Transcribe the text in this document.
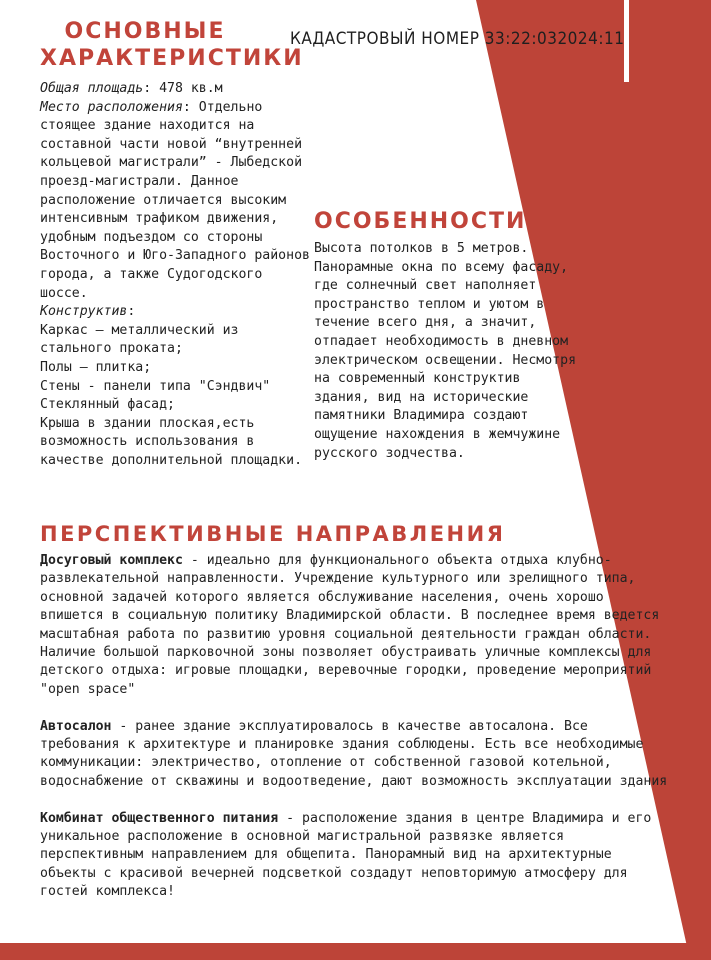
ОСНОВНЫЕ
ХАРАКТЕРИСТИКИ
КАДАСТРОВЫЙ НОМЕР 33:22:032024:11
Общая площадь: 478 кв.м
Место расположения: Отдельно стоящее здание находится на составной части новой “внутренней кольцевой магистрали” - Лыбедской проезд-магистрали. Данное расположение отличается высоким интенсивным трафиком движения, удобным подъездом со стороны Восточного и Юго-Западного районов города, а также Судогодского шоссе.
Конструктив:
Каркас – металлический из стального проката;
Полы – плитка;
Стены - панели типа "Сэндвич"
Стеклянный фасад;
Крыша в здании плоская,есть возможность использования в качестве дополнительной площадки.
ОСОБЕННОСТИ
Высота потолков в 5 метров. Панорамные окна по всему фасаду, где солнечный свет наполняет пространство теплом и уютом в течение всего дня, а значит, отпадает необходимость в дневном электрическом освещении. Несмотря на современный конструктив здания, вид на исторические памятники Владимира создают ощущение нахождения в жемчужине русского зодчества.
ПЕРСПЕКТИВНЫЕ НАПРАВЛЕНИЯ

Досуговый комплекс - идеально для функционального объекта отдыха клубно-развлекательной направленности. Учреждение культурного или зрелищного типа, основной задачей которого является обслуживание населения, очень хорошо впишется в социальную политику Владимирской области. В последнее время ведется масштабная работа по развитию уровня социальной деятельности граждан области. Наличие большой парковочной зоны позволяет обустраивать уличные комплексы для детского отдыха: игровые площадки, веревочные городки, проведение мероприятий "open space"

Автосалон - ранее здание эксплуатировалось в качестве автосалона. Все требования к архитектуре и планировке здания соблюдены. Есть все необходимые коммуникации: электричество, отопление от собственной газовой котельной, водоснабжение от скважины и водоотведение, дают возможность эксплуатации здания

Комбинат общественного питания - расположение здания в центре Владимира и его уникальное расположение в основной магистральной развязке является перспективным направлением для общепита. Панорамный вид на архитектурные объекты с красивой вечерней подсветкой создадут неповторимую атмосферу для гостей комплекса!
